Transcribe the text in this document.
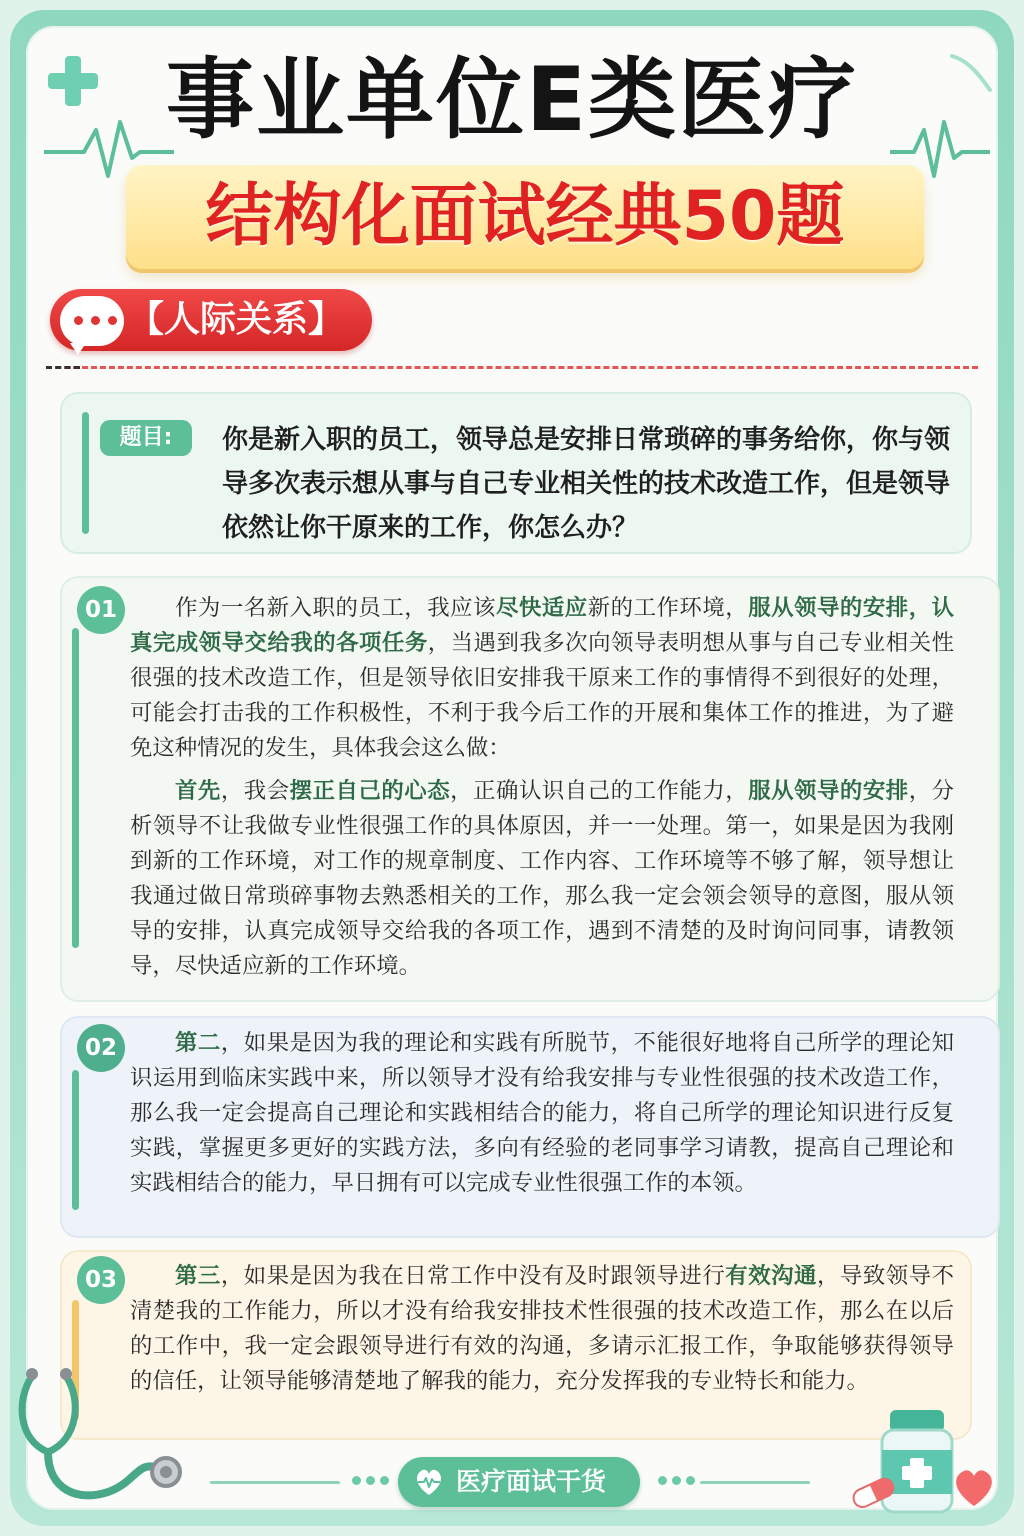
事业单位E类医疗
结构化面试经典50题
【人际关系】
题目:	你是新入职的员工，领导总是安排日常琐碎的事务给你，你与领导多次表示想从事与自己专业相关性的技术改造工作，但是领导依然让你干原来的工作，你怎么办？
01	作为一名新入职的员工，我应该尽快适应新的工作环境，服从领导的安排，认真完成领导交给我的各项任务，当遇到我多次向领导表明想从事与自己专业相关性很强的技术改造工作，但是领导依旧安排我干原来工作的事情得不到很好的处理，可能会打击我的工作积极性，不利于我今后工作的开展和集体工作的推进，为了避免这种情况的发生，具体我会这么做：
首先，我会摆正自己的心态，正确认识自己的工作能力，服从领导的安排，分析领导不让我做专业性很强工作的具体原因，并一一处理。第一，如果是因为我刚到新的工作环境，对工作的规章制度、工作内容、工作环境等不够了解，领导想让我通过做日常琐碎事物去熟悉相关的工作，那么我一定会领会领导的意图，服从领导的安排，认真完成领导交给我的各项工作，遇到不清楚的及时询问同事，请教领导，尽快适应新的工作环境。
02	第二，如果是因为我的理论和实践有所脱节，不能很好地将自己所学的理论知识运用到临床实践中来，所以领导才没有给我安排与专业性很强的技术改造工作，那么我一定会提高自己理论和实践相结合的能力，将自己所学的理论知识进行反复实践，掌握更多更好的实践方法，多向有经验的老同事学习请教，提高自己理论和实践相结合的能力，早日拥有可以完成专业性很强工作的本领。
03	第三，如果是因为我在日常工作中没有及时跟领导进行有效沟通，导致领导不清楚我的工作能力，所以才没有给我安排技术性很强的技术改造工作，那么在以后的工作中，我一定会跟领导进行有效的沟通，多请示汇报工作，争取能够获得领导的信任，让领导能够清楚地了解我的能力，充分发挥我的专业特长和能力。
医疗面试干货
